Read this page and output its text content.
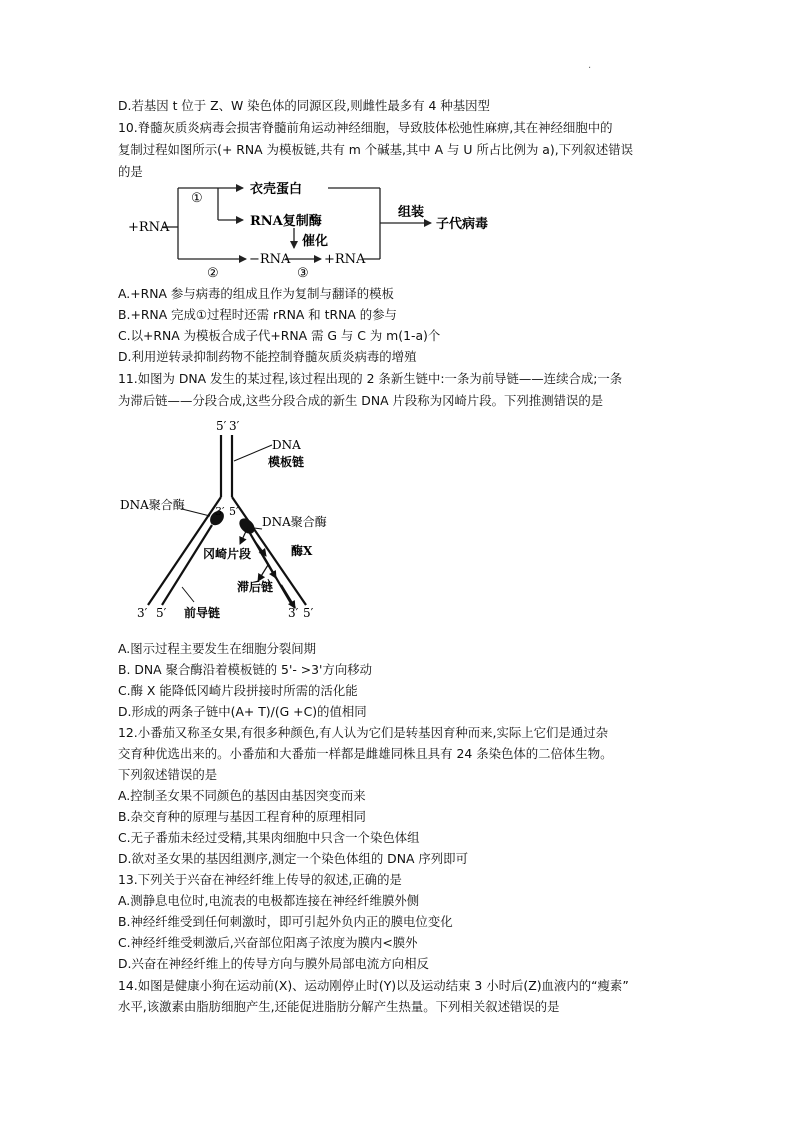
.
D.若基因 t 位于 Z、W 染色体的同源区段,则雌性最多有 4 种基因型
10.脊髓灰质炎病毒会损害脊髓前角运动神经细胞，导致肢体松弛性麻痹,其在神经细胞中的
复制过程如图所示(+ RNA 为模板链,共有 m 个碱基,其中 A 与 U 所占比例为 a),下列叙述错误
的是
+RNA
①
衣壳蛋白
RNA复制酶
②
−RNA
催化
③
+RNA
组装
子代病毒
A.+RNA 参与病毒的组成且作为复制与翻译的模板
B.+RNA 完成①过程时还需 rRNA 和 tRNA 的参与
C.以+RNA 为模板合成子代+RNA 需 G 与 C 为 m(1-a)个
D.利用逆转录抑制药物不能控制脊髓灰质炎病毒的增殖
11.如图为 DNA 发生的某过程,该过程出现的 2 条新生链中:一条为前导链——连续合成;一条
为滞后链——分段合成,这些分段合成的新生 DNA 片段称为冈崎片段。下列推测错误的是
5′ 3′
DNA
模板链
DNA聚合酶
DNA聚合酶
3′ 5′
酶X
冈崎片段
滞后链
前导链
3′ 5′	3′ 5′
A.图示过程主要发生在细胞分裂间期
B. DNA 聚合酶沿着模板链的 5'- >3'方向移动
C.酶 X 能降低冈崎片段拼接时所需的活化能
D.形成的两条子链中(A+ T)/(G +C)的值相同
12.小番茄又称圣女果,有很多种颜色,有人认为它们是转基因育种而来,实际上它们是通过杂
交育种优选出来的。小番茄和大番茄一样都是雌雄同株且具有 24 条染色体的二倍体生物。
下列叙述错误的是
A.控制圣女果不同颜色的基因由基因突变而来
B.杂交育种的原理与基因工程育种的原理相同
C.无子番茄未经过受精,其果肉细胞中只含一个染色体组
D.欲对圣女果的基因组测序,测定一个染色体组的 DNA 序列即可
13.下列关于兴奋在神经纤维上传导的叙述,正确的是
A.测静息电位时,电流表的电极都连接在神经纤维膜外侧
B.神经纤维受到任何刺激时，即可引起外负内正的膜电位变化
C.神经纤维受刺激后,兴奋部位阳离子浓度为膜内<膜外
D.兴奋在神经纤维上的传导方向与膜外局部电流方向相反
14.如图是健康小狗在运动前(X)、运动刚停止时(Y)以及运动结束 3 小时后(Z)血液内的“瘦素”
水平,该激素由脂肪细胞产生,还能促进脂肪分解产生热量。下列相关叙述错误的是
